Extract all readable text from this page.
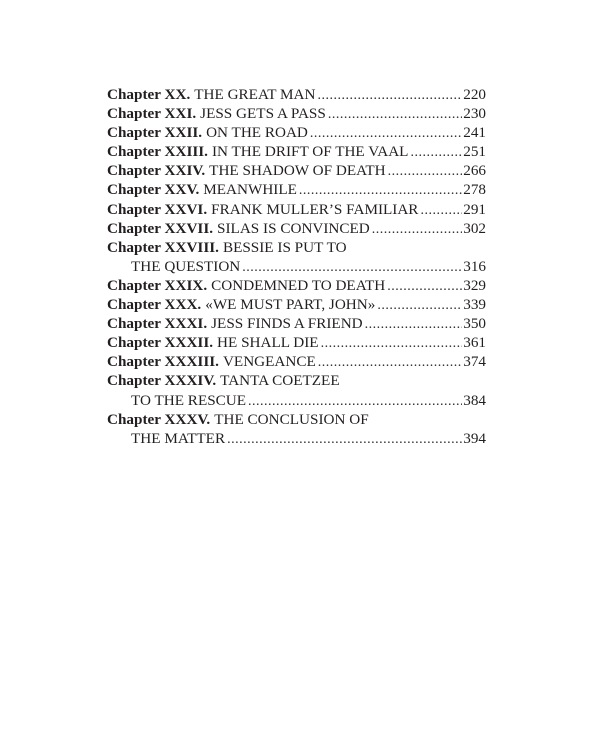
Chapter XX. THE GREAT MAN .....	220
Chapter XXI. JESS GETS A PASS .....	230
Chapter XXII. ON THE ROAD .....	241
Chapter XXIII. IN THE DRIFT OF THE VAAL .....	251
Chapter XXIV. THE SHADOW OF DEATH .....	266
Chapter XXV. MEANWHILE .....	278
Chapter XXVI. FRANK MULLER’S FAMILIAR .....	291
Chapter XXVII. SILAS IS CONVINCED .....	302
Chapter XXVIII. BESSIE IS PUT TO
THE QUESTION .....	316
Chapter XXIX. CONDEMNED TO DEATH .....	329
Chapter XXX. «WE MUST PART, JOHN» .....	339
Chapter XXXI. JESS FINDS A FRIEND .....	350
Chapter XXXII. HE SHALL DIE .....	361
Chapter XXXIII. VENGEANCE .....	374
Chapter XXXIV. TANTA COETZEE
TO THE RESCUE .....	384
Chapter XXXV. THE CONCLUSION OF
THE MATTER .....	394
